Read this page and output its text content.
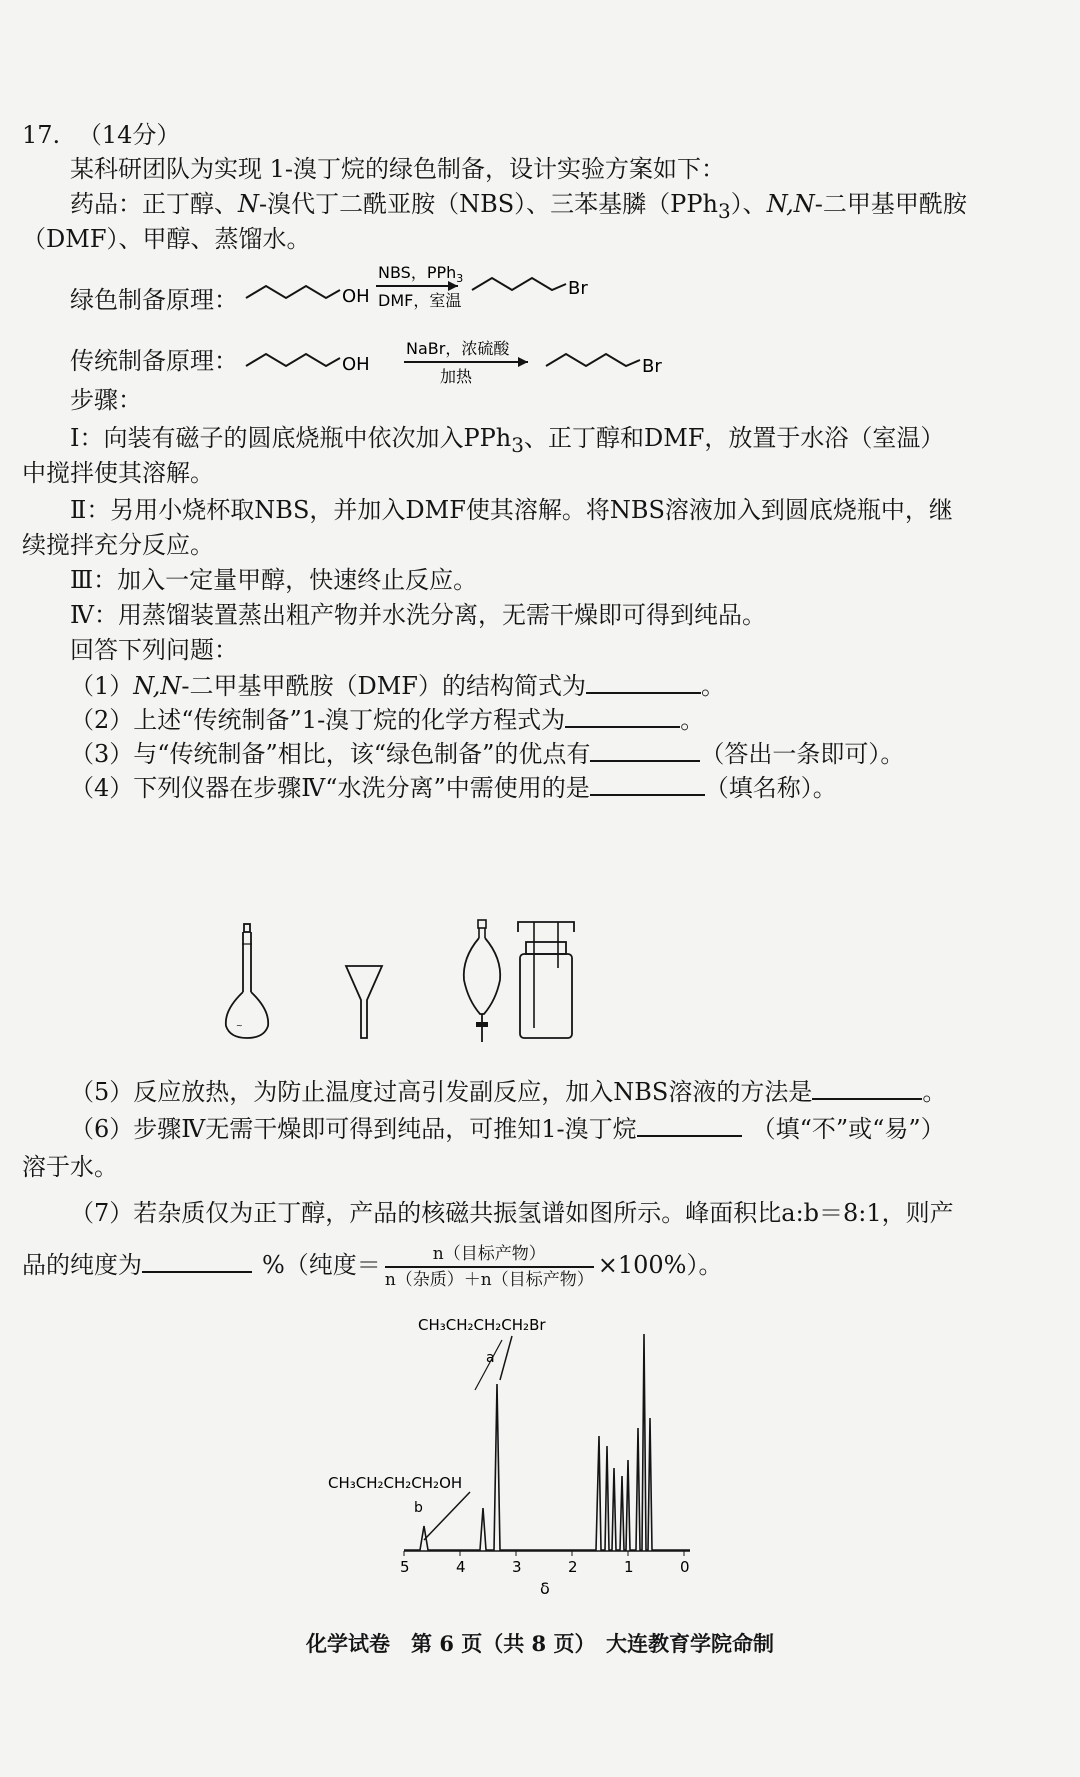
17. （14分）
某科研团队为实现 1-溴丁烷的绿色制备，设计实验方案如下：
药品：正丁醇、N-溴代丁二酰亚胺（NBS）、三苯基膦（PPh$_3$）、N,N-二甲基甲酰胺
（DMF）、甲醇、蒸馏水。
绿色制备原理：	OH
NBS，PPh$_3$
DMF，室温
Br
传统制备原理：	OH
NaBr，浓硫酸
加热	Br
步骤：
Ⅰ：向装有磁子的圆底烧瓶中依次加入PPh$_3$、正丁醇和DMF，放置于水浴（室温）
中搅拌使其溶解。
Ⅱ：另用小烧杯取NBS，并加入DMF使其溶解。将NBS溶液加入到圆底烧瓶中，继
续搅拌充分反应。
Ⅲ：加入一定量甲醇，快速终止反应。
Ⅳ：用蒸馏装置蒸出粗产物并水洗分离，无需干燥即可得到纯品。
回答下列问题：
（1）N,N-二甲基甲酰胺（DMF）的结构简式为	。
（2）上述“传统制备”1-溴丁烷的化学方程式为	。
（3）与“传统制备”相比，该“绿色制备”的优点有	（答出一条即可）。
（4）下列仪器在步骤Ⅳ“水洗分离”中需使用的是	（填名称）。
~
（5）反应放热，为防止温度过高引发副反应，加入NBS溶液的方法是	。
（6）步骤Ⅳ无需干燥即可得到纯品，可推知1-溴丁烷	（填“不”或“易”）
溶于水。
（7）若杂质仅为正丁醇，产品的核磁共振氢谱如图所示。峰面积比a:b＝8:1，则产
品的纯度为	%（纯度＝ $\frac{\text{n（目标产物）}}{\text{n（杂质）＋n（目标产物）}} \times 100\%$）。
CH₃CH₂CH₂CH₂Br
a
CH₃CH₂CH₂CH₂OH
b
5	4	3	2	1	0
δ
化学试卷　第 6 页（共 8 页）　大连教育学院命制
